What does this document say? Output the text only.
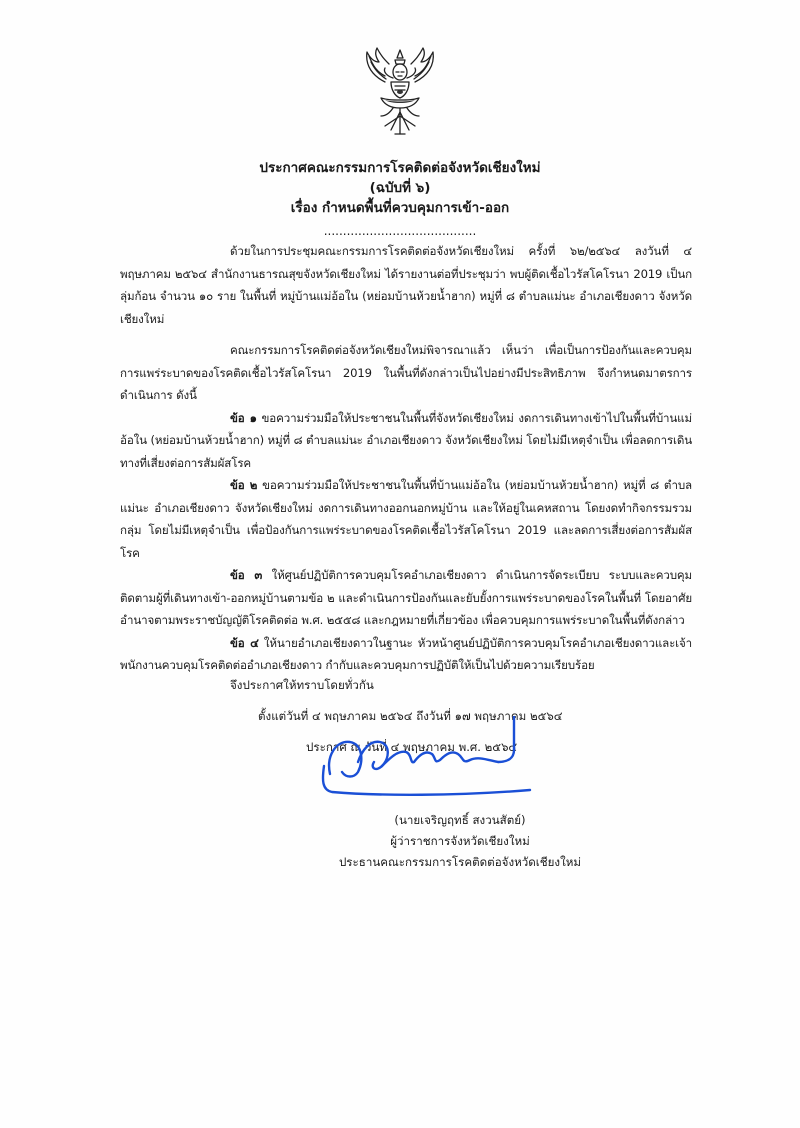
ประกาศคณะกรรมการโรคติดต่อจังหวัดเชียงใหม่
(ฉบับที่ ๖)
เรื่อง กำหนดพื้นที่ควบคุมการเข้า-ออก
........................................

ด้วยในการประชุมคณะกรรมการโรคติดต่อจังหวัดเชียงใหม่ ครั้งที่ ๖๒/๒๕๖๔ ลงวันที่ ๔ พฤษภาคม ๒๕๖๔ สำนักงานธารณสุขจังหวัดเชียงใหม่ ได้รายงานต่อที่ประชุมว่า พบผู้ติดเชื้อไวรัสโคโรนา 2019 เป็นกลุ่มก้อน จำนวน ๑๐ ราย ในพื้นที่ หมู่บ้านแม่อ้อใน (หย่อมบ้านห้วยน้ำฮาก) หมู่ที่ ๘ ตำบลแม่นะ อำเภอเชียงดาว จังหวัดเชียงใหม่

คณะกรรมการโรคติดต่อจังหวัดเชียงใหม่พิจารณาแล้ว เห็นว่า เพื่อเป็นการป้องกันและควบคุมการแพร่ระบาดของโรคติดเชื้อไวรัสโคโรนา 2019 ในพื้นที่ดังกล่าวเป็นไปอย่างมีประสิทธิภาพ จึงกำหนดมาตรการดำเนินการ ดังนี้

ข้อ ๑ ขอความร่วมมือให้ประชาชนในพื้นที่จังหวัดเชียงใหม่ งดการเดินทางเข้าไปในพื้นที่บ้านแม่อ้อใน (หย่อมบ้านห้วยน้ำฮาก) หมู่ที่ ๘ ตำบลแม่นะ อำเภอเชียงดาว จังหวัดเชียงใหม่ โดยไม่มีเหตุจำเป็น เพื่อลดการเดินทางที่เสี่ยงต่อการสัมผัสโรค

ข้อ ๒ ขอความร่วมมือให้ประชาชนในพื้นที่บ้านแม่อ้อใน (หย่อมบ้านห้วยน้ำฮาก) หมู่ที่ ๘ ตำบลแม่นะ อำเภอเชียงดาว จังหวัดเชียงใหม่ งดการเดินทางออกนอกหมู่บ้าน และให้อยู่ในเคหสถาน โดยงดทำกิจกรรมรวมกลุ่ม โดยไม่มีเหตุจำเป็น เพื่อป้องกันการแพร่ระบาดของโรคติดเชื้อไวรัสโคโรนา 2019 และลดการเสี่ยงต่อการสัมผัสโรค

ข้อ ๓ ให้ศูนย์ปฏิบัติการควบคุมโรคอำเภอเชียงดาว ดำเนินการจัดระเบียบ ระบบและควบคุมติดตามผู้ที่เดินทางเข้า-ออกหมู่บ้านตามข้อ ๒ และดำเนินการป้องกันและยับยั้งการแพร่ระบาดของโรคในพื้นที่ โดยอาศัยอำนาจตามพระราชบัญญัติโรคติดต่อ พ.ศ. ๒๕๕๘ และกฎหมายที่เกี่ยวข้อง เพื่อควบคุมการแพร่ระบาดในพื้นที่ดังกล่าว

ข้อ ๔ ให้นายอำเภอเชียงดาวในฐานะ หัวหน้าศูนย์ปฏิบัติการควบคุมโรคอำเภอเชียงดาวและเจ้าพนักงานควบคุมโรคติดต่ออำเภอเชียงดาว กำกับและควบคุมการปฏิบัติให้เป็นไปด้วยความเรียบร้อย

จึงประกาศให้ทราบโดยทั่วกัน
ตั้งแต่วันที่ ๔ พฤษภาคม ๒๕๖๔ ถึงวันที่ ๑๗ พฤษภาคม ๒๕๖๔
ประกาศ ณ วันที่ ๔ พฤษภาคม พ.ศ. ๒๕๖๔
(นายเจริญฤทธิ์ สงวนสัตย์)
ผู้ว่าราชการจังหวัดเชียงใหม่
ประธานคณะกรรมการโรคติดต่อจังหวัดเชียงใหม่
